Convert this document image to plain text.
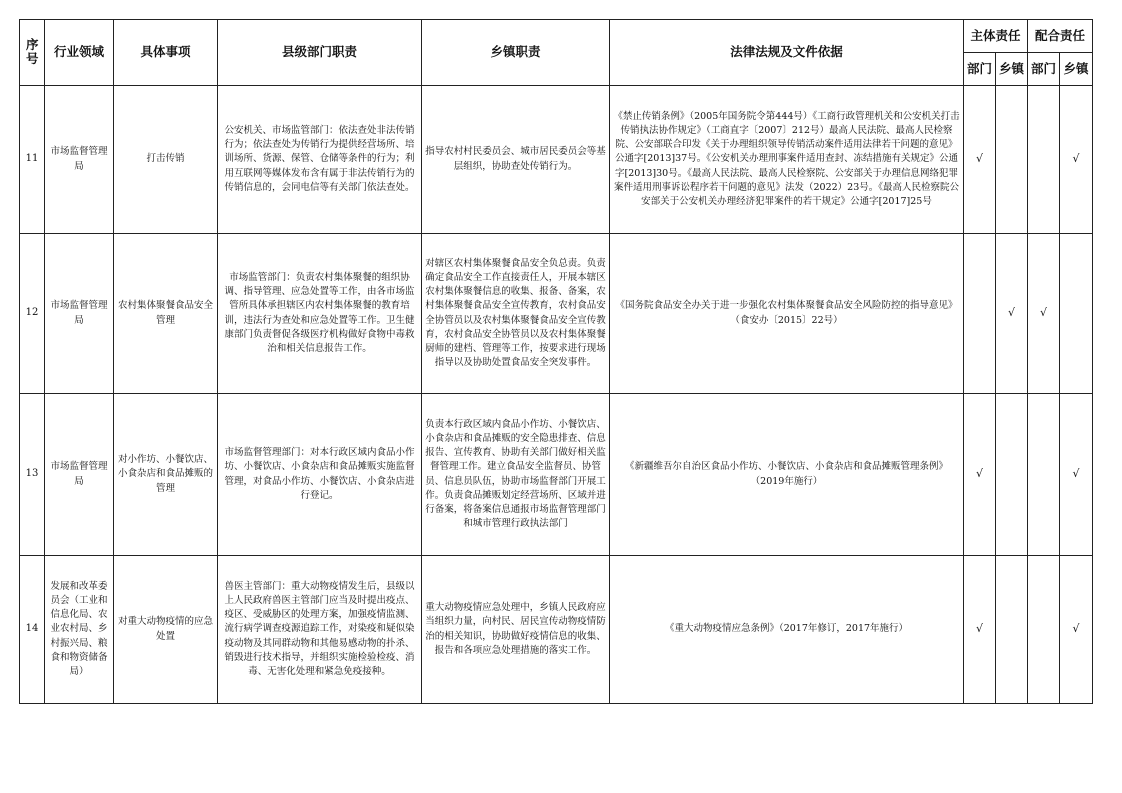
序号	行业领域	具体事项	县级部门职责	乡镇职责	法律法规及文件依据	主体责任		配合责任	
						部门	乡镇	部门	乡镇
11	市场监督管理局	打击传销	公安机关、市场监管部门：依法查处非法传销行为；依法查处为传销行为提供经营场所、培训场所、货源、保管、仓储等条件的行为；利用互联网等媒体发布含有属于非法传销行为的传销信息的，会同电信等有关部门依法查处。	指导农村村民委员会、城市居民委员会等基层组织，协助查处传销行为。	《禁止传销条例》（2005年国务院令第444号）《工商行政管理机关和公安机关打击传销执法协作规定》（工商直字〔2007〕212号）最高人民法院、最高人民检察院、公安部联合印发《关于办理组织领导传销活动案件适用法律若干问题的意见》公通字[2013]37号。《公安机关办理刑事案件适用查封、冻结措施有关规定》公通字[2013]30号。《最高人民法院、最高人民检察院、公安部关于办理信息网络犯罪案件适用刑事诉讼程序若干问题的意见》法发（2022）23号。《最高人民检察院公安部关于公安机关办理经济犯罪案件的若干规定》公通字[2017]25号	√			√
12	市场监督管理局	农村集体聚餐食品安全管理	市场监管部门：负责农村集体聚餐的组织协调、指导管理、应急处置等工作，由各市场监管所具体承担辖区内农村集体聚餐的教育培训，违法行为查处和应急处置等工作。卫生健康部门负责督促各级医疗机构做好食物中毒救治和相关信息报告工作。	对辖区农村集体聚餐食品安全负总责。负责确定食品安全工作直接责任人，开展本辖区农村集体聚餐信息的收集、报备、备案，农村集体聚餐食品安全宣传教育，农村食品安全协管员以及农村集体聚餐食品安全宣传教育，农村食品安全协管员以及农村集体聚餐厨师的建档、管理等工作，按要求进行现场指导以及协助处置食品安全突发事件。	《国务院食品安全办关于进一步强化农村集体聚餐食品安全风险防控的指导意见》（食安办〔2015〕22号）		√	√	
13	市场监督管理局	对小作坊、小餐饮店、小食杂店和食品摊贩的管理	市场监督管理部门：对本行政区域内食品小作坊、小餐饮店、小食杂店和食品摊贩实施监督管理，对食品小作坊、小餐饮店、小食杂店进行登记。	负责本行政区域内食品小作坊、小餐饮店、小食杂店和食品摊贩的安全隐患排查、信息报告、宣传教育、协助有关部门做好相关监督管理工作。建立食品安全监督员、协管员、信息员队伍，协助市场监督部门开展工作。负责食品摊贩划定经营场所、区域并进行备案，将备案信息通报市场监督管理部门和城市管理行政执法部门	《新疆维吾尔自治区食品小作坊、小餐饮店、小食杂店和食品摊贩管理条例》（2019年施行）	√			√
14	发展和改革委员会（工业和信息化局、农业农村局、乡村振兴局、粮食和物资储备局）	对重大动物疫情的应急处置	兽医主管部门：重大动物疫情发生后，县级以上人民政府兽医主管部门应当及时提出疫点、疫区、受威胁区的处理方案，加强疫情监测、流行病学调查疫源追踪工作，对染疫和疑似染疫动物及其同群动物和其他易感动物的扑杀、销毁进行技术指导，并组织实施检验检疫、消毒、无害化处理和紧急免疫接种。	重大动物疫情应急处理中，乡镇人民政府应当组织力量，向村民、居民宣传动物疫情防治的相关知识，协助做好疫情信息的收集、报告和各项应急处理措施的落实工作。	《重大动物疫情应急条例》（2017年修订，2017年施行）	√			√
